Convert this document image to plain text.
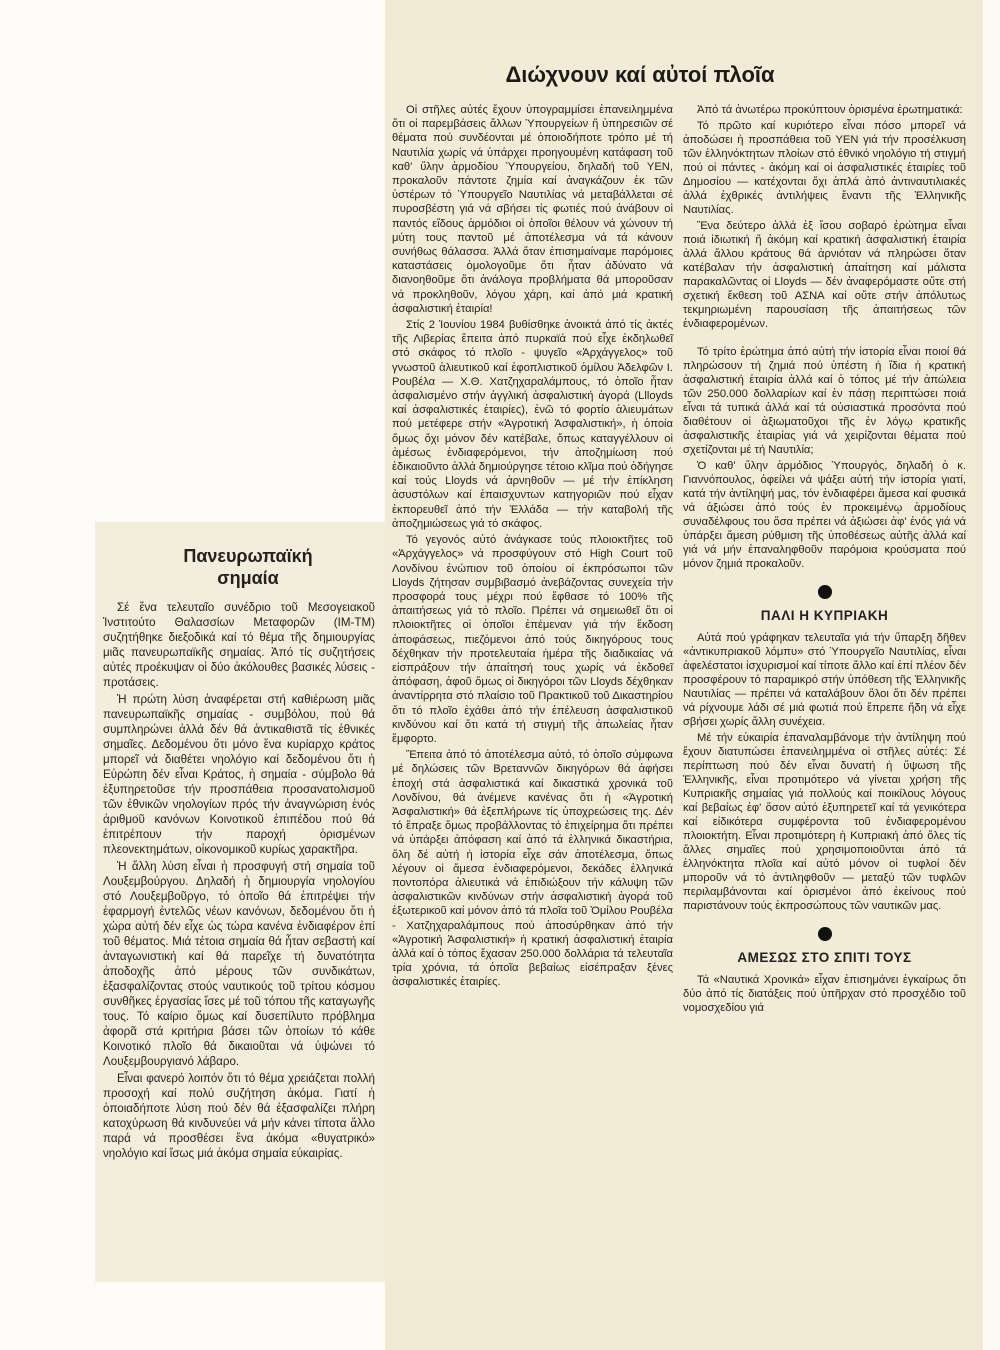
Διώχνουν καί αὐτοί πλοῖα
Πανευρωπαϊκή
σημαία

Σέ ἕνα τελευταῖο συνέδριο τοῦ Μεσογειακοῦ Ἰνστιτούτο Θαλασσίων Μεταφορῶν (ΙΜ-ΤΜ) συζητήθηκε διεξοδικά καί τό θέμα τῆς δημιουργίας μιᾶς πανευρωπαϊκῆς σημαίας. Ἀπό τίς συζητήσεις αὐτές προέκυψαν οἱ δύο ἀκόλουθες βασικές λύσεις - προτάσεις.

Ἡ πρώτη λύση ἀναφέρεται στή καθιέρωση μιᾶς πανευρωπαϊκῆς σημαίας - συμβόλου, πού θά συμπληρώνει ἀλλά δέν θά ἀντικαθιστᾶ τίς ἐθνικές σημαῖες. Δεδομένου ὅτι μόνο ἕνα κυρίαρχο κράτος μπορεῖ νά διαθέτει νηολόγιο καί δεδομένου ὅτι ἡ Εὐρώπη δέν εἶναι Κράτος, ἡ σημαία - σύμβολο θά ἐξυπηρετοῦσε τήν προσπάθεια προσανατολισμοῦ τῶν ἐθνικῶν νηολογίων πρός τήν ἀναγνώριση ἑνός ἀριθμοῦ κανόνων Κοινοτικοῦ ἐπιπέδου πού θά ἐπιτρέπουν τήν παροχή ὁρισμένων πλεονεκτημάτων, οἰκονομικοῦ κυρίως χαρακτῆρα.

Ἡ ἄλλη λύση εἶναι ἡ προσφυγή στή σημαία τοῦ Λουξεμβούργου. Δηλαδή ἡ δημιουργία νηολογίου στό Λουξεμβοῦργο, τό ὁποῖο θά ἐπιτρέψει τήν ἐφαρμογή ἐντελῶς νέων κανόνων, δεδομένου ὅτι ἡ χώρα αὐτή δέν εἶχε ὡς τώρα κανένα ἐνδιαφέρον ἐπί τοῦ θέματος. Μιά τέτοια σημαία θά ἦταν σεβαστή καί ἀνταγωνιστική καί θά παρεῖχε τή δυνατότητα ἀποδοχῆς ἀπό μέρους τῶν συνδικάτων, ἐξασφαλίζοντας στούς ναυτικούς τοῦ τρίτου κόσμου συνθῆκες ἐργασίας ἴσες μέ τοῦ τόπου τῆς καταγωγῆς τους. Τό καίριο ὅμως καί δυσεπίλυτο πρόβλημα ἀφορᾶ στά κριτήρια βάσει τῶν ὁποίων τό κάθε Κοινοτικό πλοῖο θά δικαιοῦται νά ὑψώνει τό Λουξεμβουργιανό λάβαρο.

Εἶναι φανερό λοιπόν ὅτι τό θέμα χρειάζεται πολλή προσοχή καί πολύ συζήτηση ἀκόμα. Γιατί ἡ ὁποιαδήποτε λύση πού δέν θά ἐξασφαλίζει πλήρη κατοχύρωση θά κινδυνεύει νά μήν κάνει τίποτα ἄλλο παρά νά προσθέσει ἕνα ἀκόμα «θυγατρικό» νηολόγιο καί ἴσως μιά ἀκόμα σημαία εὐκαιρίας.

Οἱ στῆλες αὐτές ἔχουν ὑπογραμμίσει ἐπανειλημμένα ὅτι οἱ παρεμβάσεις ἄλλων Ὑπουργείων ἤ ὑπηρεσιῶν σέ θέματα πού συνδέονται μέ ὁποιοδήποτε τρόπο μέ τή Ναυτιλία χωρίς νά ὑπάρχει προηγουμένη κατάφαση τοῦ καθ' ὕλην ἁρμοδίου Ὑπουργείου, δηλαδή τοῦ ΥΕΝ, προκαλοῦν πάντοτε ζημία καί ἀναγκάζουν ἐκ τῶν ὑστέρων τό Ὑπουργεῖο Ναυτιλίας νά μεταβάλλεται σέ πυροσβέστη γιά νά σβήσει τίς φωτιές πού ἀνάβουν οἱ παντός εἴδους ἁρμόδιοι οἱ ὁποῖοι θέλουν νά χώνουν τή μύτη τους παντοῦ μέ ἀποτέλεσμα νά τά κάνουν συνήθως θάλασσα. Ἀλλά ὅταν ἐπισημαίναμε παρόμοιες καταστάσεις ὁμολογοῦμε ὅτι ἦταν ἀδύνατο νά διανοηθοῦμε ὅτι ἀνάλογα προβλήματα θά μποροῦσαν νά προκληθοῦν, λόγου χάρη, καί ἀπό μιά κρατική ἀσφαλιστική ἑταιρία!

Στίς 2 Ἰουνίου 1984 βυθίσθηκε ἀνοικτά ἀπό τίς ἀκτές τῆς Λιβερίας ἔπειτα ἀπό πυρκαϊά πού εἶχε ἐκδηλωθεῖ στό σκάφος τό πλοῖο - ψυγεῖο «Ἀρχάγγελος» τοῦ γνωστοῦ ἁλιευτικοῦ καί ἐφοπλιστικοῦ ὁμίλου Ἀδελφῶν Ι. Ρουβέλα — Χ.Θ. Χατζηχαραλάμπους, τό ὁποῖο ἦταν ἀσφαλισμένο στήν ἀγγλική ἀσφαλιστική ἀγορά (Llloyds καί ἀσφαλιστικές ἑταιρίες), ἐνῶ τό φορτίο ἁλιευμάτων πού μετέφερε στήν «Ἀγροτική Ἀσφαλιστική», ἡ ὁποία ὅμως ὄχι μόνον δέν κατέβαλε, ὅπως καταγγέλλουν οἱ ἀμέσως ἐνδιαφερόμενοι, τήν ἀποζημίωση πού ἐδικαιοῦντο ἀλλά δημιούργησε τέτοιο κλῖμα πού ὁδήγησε καί τούς Lloyds νά ἀρνηθοῦν — μέ τήν ἐπίκληση ἀσυστόλων καί ἐπαισχυντων κατηγοριῶν πού εἶχαν ἐκπορευθεῖ ἀπό τήν Ἑλλάδα — τήν καταβολή τῆς ἀποζημιώσεως γιά τό σκάφος.

Τό γεγονός αὐτό ἀνάγκασε τούς πλοιοκτῆτες τοῦ «Ἀρχάγγελος» νά προσφύγουν στό High Court τοῦ Λονδίνου ἐνώπιον τοῦ ὁποίου οἱ ἐκπρόσωποι τῶν Lloyds ζήτησαν συμβιβασμό ἀνεβάζοντας συνεχεία τήν προσφορά τους μέχρι πού ἔφθασε τό 100% τῆς ἀπαιτήσεως γιά τό πλοῖο. Πρέπει νά σημειωθεῖ ὅτι οἱ πλοιοκτῆτες οἱ ὁποῖοι ἐπέμεναν γιά τήν ἔκδοση ἀποφάσεως, πιεζόμενοι ἀπό τούς δικηγόρους τους δέχθηκαν τήν προτελευταία ἡμέρα τῆς διαδικαίας νά εἰσπράξουν τήν ἀπαίτησή τους χωρίς νά ἐκδοθεῖ ἀπόφαση, ἀφοῦ ὅμως οἱ δικηγόροι τῶν Lloyds δέχθηκαν ἀναντίρρητα στό πλαίσιο τοῦ Πρακτικοῦ τοῦ Δικαστηρίου ὅτι τό πλοῖο ἐχάθει ἀπό τήν ἐπέλευση ἀσφαλιστικοῦ κινδύνου καί ὅτι κατά τή στιγμή τῆς ἀπωλείας ἦταν ἔμφορτο.

Ἔπειτα ἀπό τό ἀποτέλεσμα αὐτό, τό ὁποῖο σύμφωνα μέ δηλώσεις τῶν Βρεταννῶν δικηγόρων θά ἀφήσει ἐποχή στά ἀσφαλιστικά καί δικαστικά χρονικά τοῦ Λονδίνου, θά ἀνέμενε κανένας ὅτι ἡ «Ἀγροτική Ἀσφαλιστική» θά ἐξεπλήρωνε τίς ὑποχρεώσεις της. Δέν τό ἔπραξε ὅμως προβάλλοντας τό ἐπιχείρημα ὅτι πρέπει νά ὑπάρξει ἀπόφαση καί ἀπό τά ἑλληνικά δικαστήρια, ὅλη δέ αὐτή ἡ ἱστορία εἶχε σάν ἀποτέλεσμα, ὅπως λέγουν οἱ ἄμεσα ἐνδιαφερόμενοι, δεκάδες ἑλληνικά ποντοπόρα ἁλιευτικά νά ἐπιδιώξουν τήν κάλυψη τῶν ἀσφαλιστικῶν κινδύνων στήν ἀσφαλιστική ἀγορά τοῦ ἐξωτερικοῦ καί μόνον ἀπό τά πλοῖα τοῦ Ὁμίλου Ρουβέλα - Χατζηχαραλάμπους πού ἀποσύρθηκαν ἀπό τήν «Ἀγροτική Ἀσφαλιστική» ἡ κρατική ἀσφαλιστική ἑταιρία ἀλλά καί ὁ τόπος ἔχασαν 250.000 δολλάρια τά τελευταῖα τρία χρόνια, τά ὁποῖα βεβαίως εἰσέπραξαν ξένες ἀσφαλιστικές ἑταιρίες.

Ἀπό τά ἀνωτέρω προκύπτουν ὁρισμένα ἐρωτηματικά:

Τό πρῶτο καί κυριότερο εἶναι πόσο μπορεῖ νά ἀποδώσει ἡ προσπάθεια τοῦ ΥΕΝ γιά τήν προσέλκυση τῶν ἑλληνόκτητων πλοίων στό ἐθνικό νηολόγιο τή στιγμή πού οἱ πάντες - ἀκόμη καί οἱ ἀσφαλιστικές ἑταιρίες τοῦ Δημοσίου — κατέχονται ὄχι ἁπλά ἀπό ἀντιναυτιλιακές ἀλλά ἐχθρικές ἀντιλήψεις ἔναντι τῆς Ἑλληνικῆς Ναυτιλίας.

Ἕνα δεύτερο ἀλλά ἐξ ἴσου σοβαρό ἐρώτημα εἶναι ποιά ἰδιωτική ἤ ἀκόμη καί κρατική ἀσφαλιστική ἑταιρία ἀλλά ἄλλου κράτους θά ἀρνιόταν νά πληρώσει ὅταν κατέβαλαν τήν ἀσφαλιστική ἀπαίτηση καί μάλιστα παρακαλῶντας οἱ Lloyds — δέν ἀναφερόμαστε οὔτε στή σχετική ἔκθεση τοῦ ΑΣΝΑ καί οὔτε στήν ἀπόλυτως τεκμηριωμένη παρουσίαση τῆς ἀπαιτήσεως τῶν ἐνδιαφερομένων.

Τό τρίτο ἐρώτημα ἀπό αὐτή τήν ἱστορία εἶναι ποιοί θά πληρώσουν τή ζημιά πού ὑπέστη ἡ ἴδια ἡ κρατική ἀσφαλιστική ἑταιρία ἀλλά καί ὁ τόπος μέ τήν ἀπώλεια τῶν 250.000 δολλαρίων καί ἐν πάσῃ περιπτώσει ποιά εἶναι τά τυπικά ἀλλά καί τά οὐσιαστικά προσόντα πού διαθέτουν οἱ ἀξιωματοῦχοι τῆς ἐν λόγῳ κρατικῆς ἀσφαλιστικῆς ἑταιρίας γιά νά χειρίζονται θέματα πού σχετίζονται μέ τή Ναυτιλία;

Ὁ καθ' ὕλην ἁρμόδιος Ὑπουργός, δηλαδή ὁ κ. Γιαννόπουλος, ὀφείλει νά ψάξει αὐτή τήν ἱστορία γιατί, κατά τήν ἀντίληψή μας, τόν ἐνδιαφέρει ἄμεσα καί φυσικά νά ἀξιώσει ἀπό τούς ἐν προκειμένῳ ἁρμοδίους συναδέλφους του ὅσα πρέπει νά ἀξιώσει ἀφ' ἑνός γιά νά ὑπάρξει ἄμεση ρύθμιση τῆς ὑποθέσεως αὐτῆς ἀλλά καί γιά νά μήν ἐπαναληφθοῦν παρόμοια κρούσματα πού μόνον ζημιά προκαλοῦν.

ΠΑΛΙ Η ΚΥΠΡΙΑΚΗ

Αὐτά πού γράφηκαν τελευταῖα γιά τήν ὕπαρξη δῆθεν «ἀντικυπριακοῦ λόμπυ» στό Ὑπουργεῖο Ναυτιλίας, εἶναι ἀφελέστατοι ἰσχυρισμοί καί τίποτε ἄλλο καί ἐπί πλέον δέν προσφέρουν τό παραμικρό στήν ὑπόθεση τῆς Ἑλληνικῆς Ναυτιλίας — πρέπει νά καταλάβουν ὅλοι ὅτι δέν πρέπει νά ρίχνουμε λάδι σέ μιά φωτιά πού ἔπρεπε ἤδη νά εἶχε σβήσει χωρίς ἄλλη συνέχεια.

Μέ τήν εὐκαιρία ἐπαναλαμβάνομε τήν ἀντίληψη πού ἔχουν διατυπώσει ἐπανειλημμένα οἱ στῆλες αὐτές: Σέ περίπτωση πού δέν εἶναι δυνατή ἡ ὕψωση τῆς Ἑλληνικῆς, εἶναι προτιμότερο νά γίνεται χρήση τῆς Κυπριακῆς σημαίας γιά πολλούς καί ποικίλους λόγους καί βεβαίως ἐφ' ὅσον αὐτό ἐξυπηρετεῖ καί τά γενικότερα καί εἰδικότερα συμφέροντα τοῦ ἐνδιαφερομένου πλοιοκτήτη. Εἶναι προτιμότερη ἡ Κυπριακή ἀπό ὅλες τίς ἄλλες σημαῖες πού χρησιμοποιοῦνται ἀπό τά ἑλληνόκτητα πλοῖα καί αὐτό μόνον οἱ τυφλοί δέν μποροῦν νά τό ἀντιληφθοῦν — μεταξύ τῶν τυφλῶν περιλαμβάνονται καί ὁρισμένοι ἀπό ἐκείνους πού παριστάνουν τούς ἐκπροσώπους τῶν ναυτικῶν μας.

ΑΜΕΣΩΣ ΣΤΟ ΣΠΙΤΙ ΤΟΥΣ

Τά «Ναυτικά Χρονικά» εἶχαν ἐπισημάνει ἐγκαίρως ὅτι δύο ἀπό τίς διατάξεις πού ὑπῆρχαν στό προσχέδιο τοῦ νομοσχεδίου γιά
